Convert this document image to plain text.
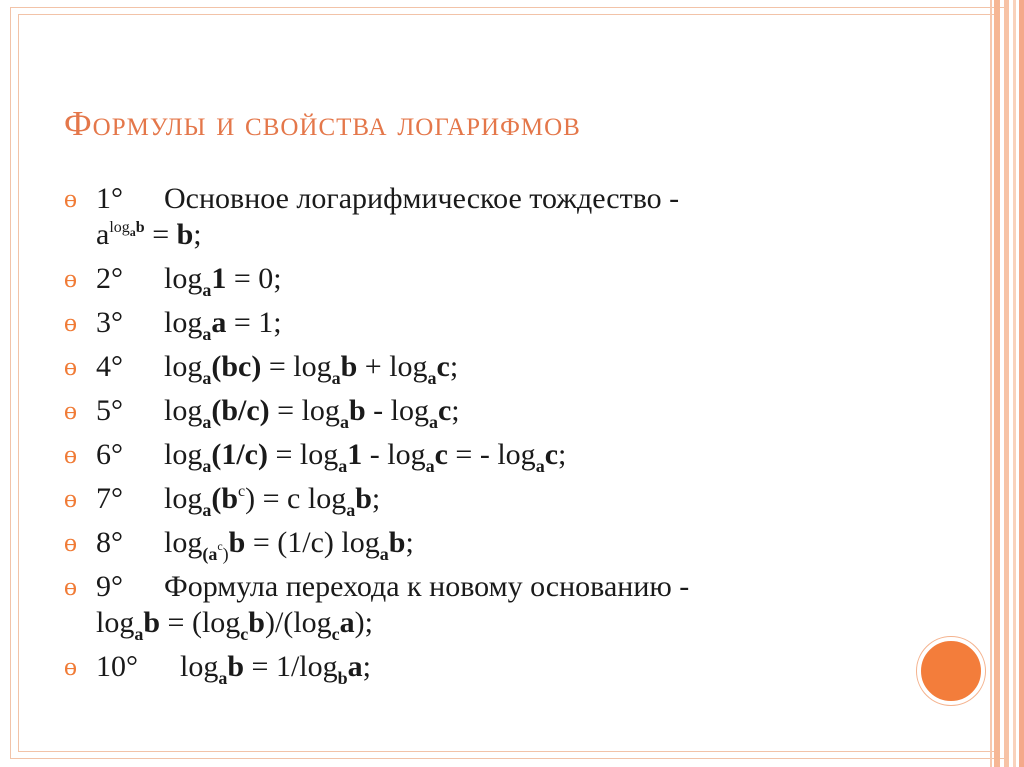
Формулы и свойства логарифмов
ɵ 1° Основное логарифмическое тождество -
$a^{log_ab} = b$;
ɵ 2° $\log_a1 = 0$;
ɵ 3° $\log_aa = 1$;
ɵ 4° $\log_a(bc) = \log_ab + \log_ac$;
ɵ 5° $\log_a(b/c) = \log_ab - \log_ac$;
ɵ 6° $\log_a(1/c) = \log_a1 - \log_ac$ = - $\log_ac$;
ɵ 7° $\log_a(b^c) = c$ $\log_ab$;
ɵ 8° $\log_{(a^c)}b = (1/c)$ $\log_ab$;
ɵ 9° Формула перехода к новому основанию -
$\log_ab = (\log_cb)/(\log_ca)$;
ɵ 10° $\log_ab = 1/\log_ba$;
